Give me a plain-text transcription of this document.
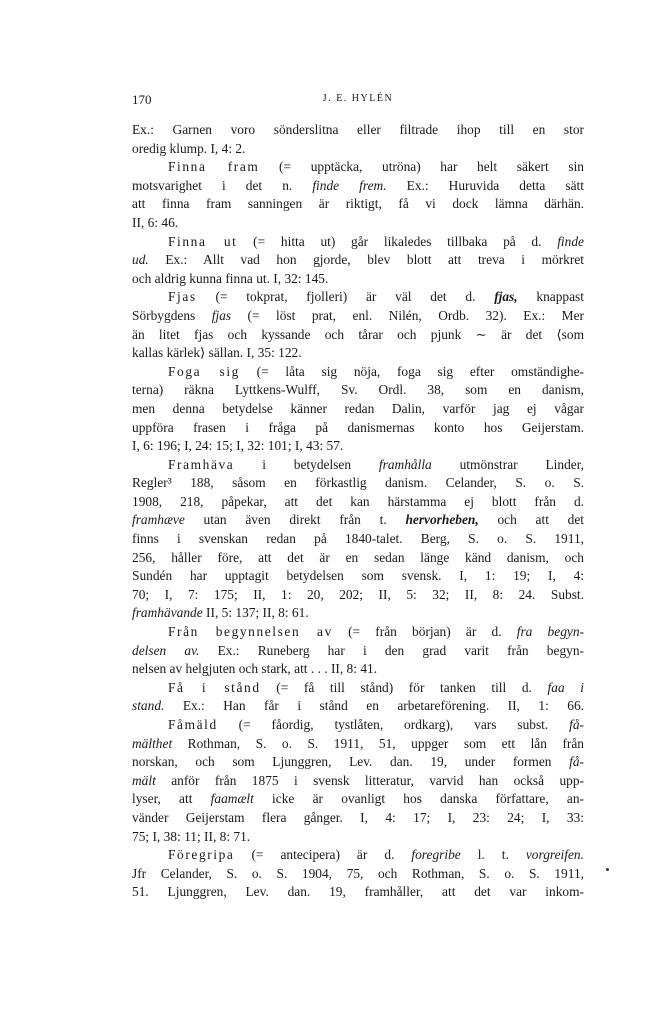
170	J. E. HYLÉN
Ex.: Garnen voro sönderslitna eller filtrade ihop till en stor
oredig klump. I, 4: 2.
Finna fram (= upptäcka, utröna) har helt säkert sin
motsvarighet i det n. finde frem. Ex.: Huruvida detta sätt
att finna fram sanningen är riktigt, få vi dock lämna därhän.
II, 6: 46.
Finna ut (= hitta ut) går likaledes tillbaka på d. finde
ud. Ex.: Allt vad hon gjorde, blev blott att treva i mörkret
och aldrig kunna finna ut. I, 32: 145.
Fjas (= tokprat, fjolleri) är väl det d. fjas, knappast
Sörbygdens fjas (= löst prat, enl. Nilén, Ordb. 32). Ex.: Mer
än litet fjas och kyssande och tårar och pjunk ∼ är det ⟨som
kallas kärlek⟩ sällan. I, 35: 122.
Foga sig (= låta sig nöja, foga sig efter omständighe-
terna) räkna Lyttkens-Wulff, Sv. Ordl. 38, som en danism,
men denna betydelse känner redan Dalin, varför jag ej vågar
uppföra frasen i fråga på danismernas konto hos Geijerstam.
I, 6: 196; I, 24: 15; I, 32: 101; I, 43: 57.
Framhäva i betydelsen framhålla utmönstrar Linder,
Regler³ 188, såsom en förkastlig danism. Celander, S. o. S.
1908, 218, påpekar, att det kan härstamma ej blott från d.
framhæve utan även direkt från t. hervorheben, och att det
finns i svenskan redan på 1840-talet. Berg, S. o. S. 1911,
256, håller före, att det är en sedan länge känd danism, och
Sundén har upptagit betydelsen som svensk. I, 1: 19; I, 4:
70; I, 7: 175; II, 1: 20, 202; II, 5: 32; II, 8: 24. Subst.
framhävande II, 5: 137; II, 8: 61.
Från begynnelsen av (= från början) är d. fra begyn-
delsen av. Ex.: Runeberg har i den grad varit från begyn-
nelsen av helgjuten och stark, att . . . II, 8: 41.
Få i stånd (= få till stånd) för tanken till d. faa i
stand. Ex.: Han får i stånd en arbetareförening. II, 1: 66.
Fåmäld (= fåordig, tystlåten, ordkarg), vars subst. få-
mälthet Rothman, S. o. S. 1911, 51, uppger som ett lån från
norskan, och som Ljunggren, Lev. dan. 19, under formen få-
mält anför från 1875 i svensk litteratur, varvid han också upp-
lyser, att faamælt icke är ovanligt hos danska författare, an-
vänder Geijerstam flera gånger. I, 4: 17; I, 23: 24; I, 33:
75; I, 38: 11; II, 8: 71.
Föregripa (= antecipera) är d. foregribe l. t. vorgreifen.
Jfr Celander, S. o. S. 1904, 75, och Rothman, S. o. S. 1911,
51. Ljunggren, Lev. dan. 19, framhåller, att det var inkom-
